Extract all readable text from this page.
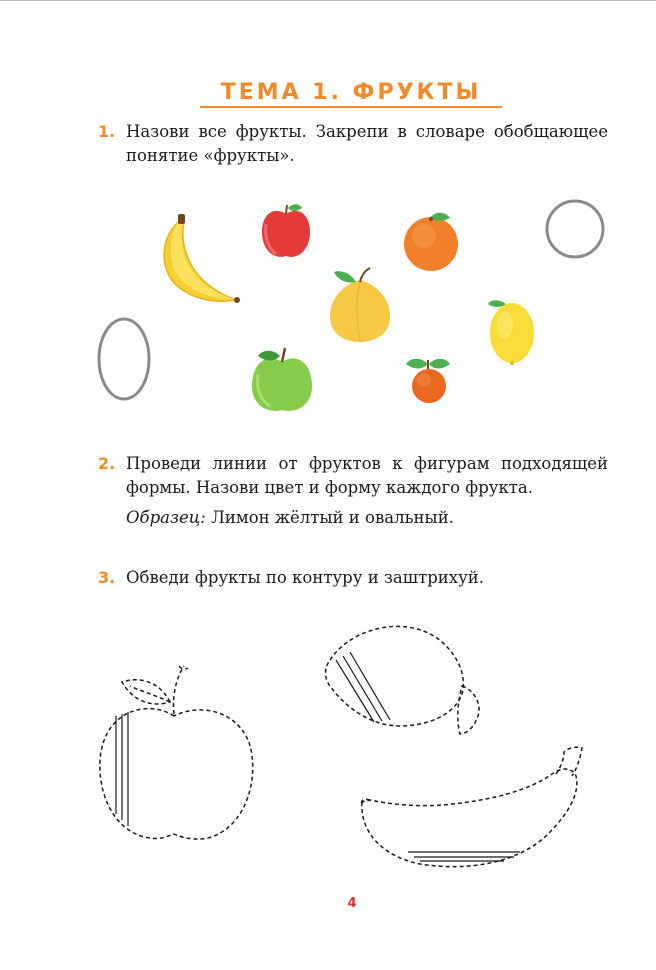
ТЕМА 1. ФРУКТЫ
1. Назови все фрукты. Закрепи в словаре обобщающее понятие «фрукты».
2. Проведи линии от фруктов к фигурам подходящей формы. Назови цвет и форму каждого фрукта.
Образец: Лимон жёлтый и овальный.
3. Обведи фрукты по контуру и заштрихуй.
4
